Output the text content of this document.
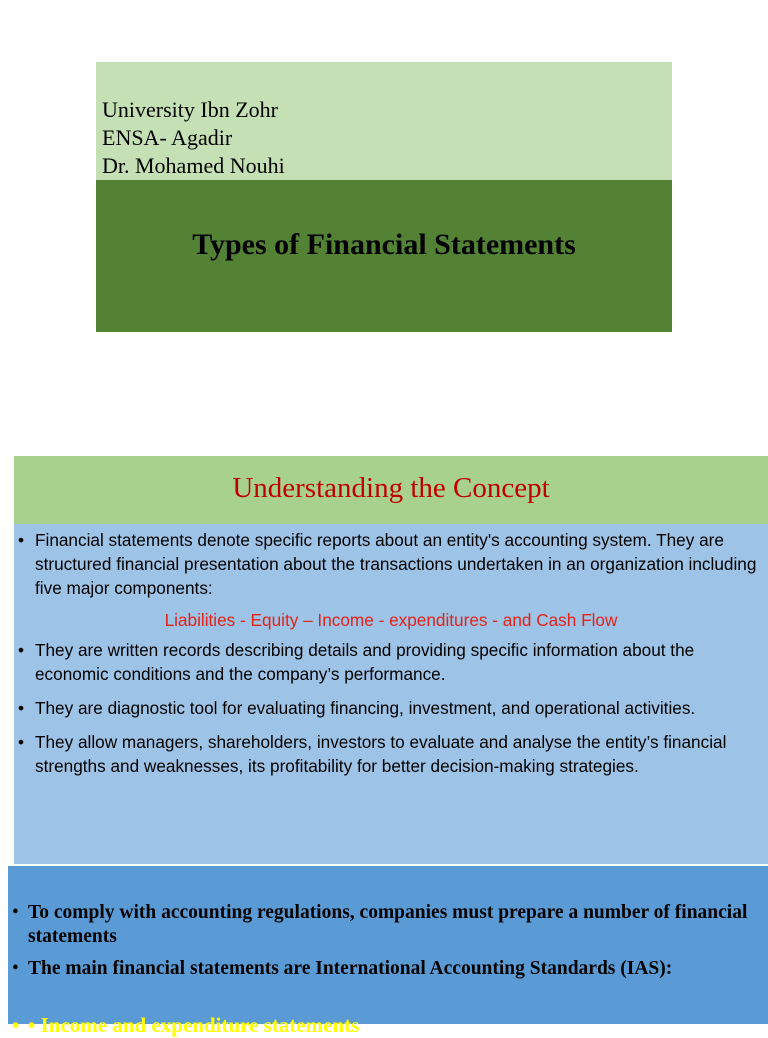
University Ibn Zohr
ENSA- Agadir
Dr. Mohamed Nouhi
Types of Financial Statements
Understanding the Concept
• Financial statements denote specific reports about an entity's accounting system. They are structured financial presentation about the transactions undertaken in an organization including five major components:
Liabilities - Equity – Income - expenditures - and Cash Flow
• They are written records describing details and providing specific information about the economic conditions and the company’s performance.
• They are diagnostic tool for evaluating financing, investment, and operational activities.
• They allow managers, shareholders, investors to evaluate and analyse the entity’s financial strengths and weaknesses, its profitability for better decision-making strategies.
• To comply with accounting regulations, companies must prepare a number of financial statements
• The main financial statements are International Accounting Standards (IAS):
• • Income and expenditure statements
